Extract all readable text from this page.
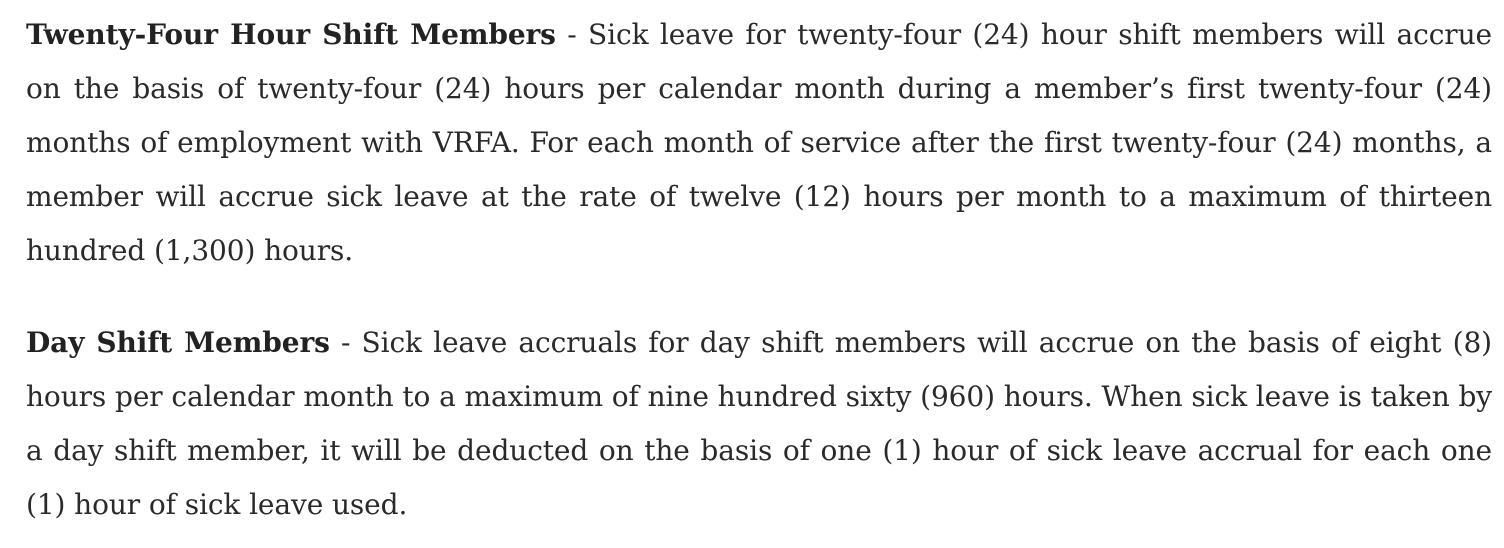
Twenty-Four Hour Shift Members - Sick leave for twenty-four (24) hour shift members will accrue on the basis of twenty-four (24) hours per calendar month during a member’s first twenty-four (24) months of employment with VRFA. For each month of service after the first twenty-four (24) months, a member will accrue sick leave at the rate of twelve (12) hours per month to a maximum of thirteen hundred (1,300) hours.

Day Shift Members - Sick leave accruals for day shift members will accrue on the basis of eight (8) hours per calendar month to a maximum of nine hundred sixty (960) hours. When sick leave is taken by a day shift member, it will be deducted on the basis of one (1) hour of sick leave accrual for each one (1) hour of sick leave used.
